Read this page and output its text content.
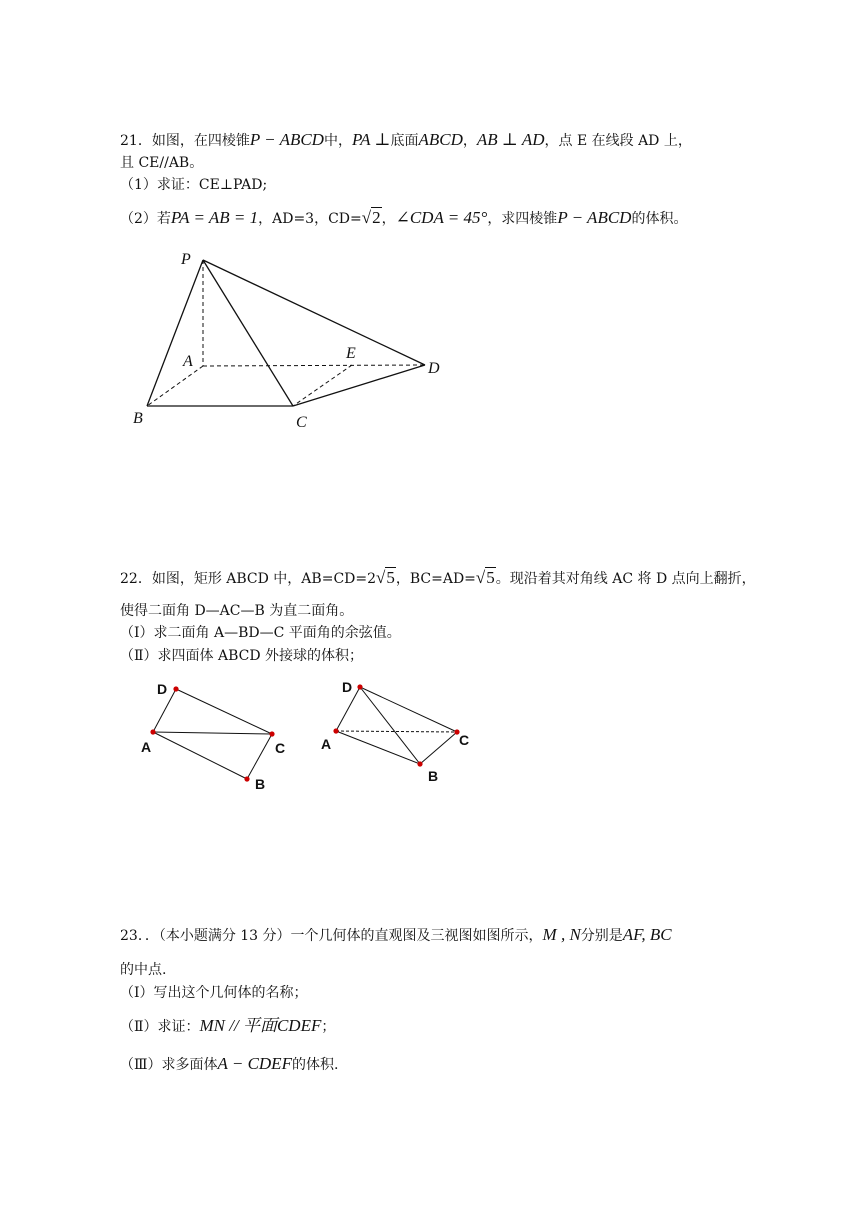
21．如图，在四棱锥P − ABCD中，PA ⊥底面ABCD，AB ⊥ AD，点 E 在线段 AD 上，
且 CE//AB。
（1）求证：CE⊥PAD;
（2）若PA = AB = 1，AD=3，CD=√2，∠CDA = 45°，求四棱锥P − ABCD的体积。
P
A	E
D
B	C
D
A	C
B
D
A	C
B
22．如图，矩形 ABCD 中，AB=CD=2√5，BC=AD=√5。现沿着其对角线 AC 将 D 点向上翻折，
使得二面角 D—AC—B 为直二面角。
（Ⅰ）求二面角 A—BD—C 平面角的余弦值。
（Ⅱ）求四面体 ABCD 外接球的体积；
23．．（本小题满分 13 分）一个几何体的直观图及三视图如图所示，M , N分别是AF, BC
的中点.
（Ⅰ）写出这个几何体的名称；
（Ⅱ）求证：MN // 平面CDEF；
（Ⅲ）求多面体A − CDEF的体积.
